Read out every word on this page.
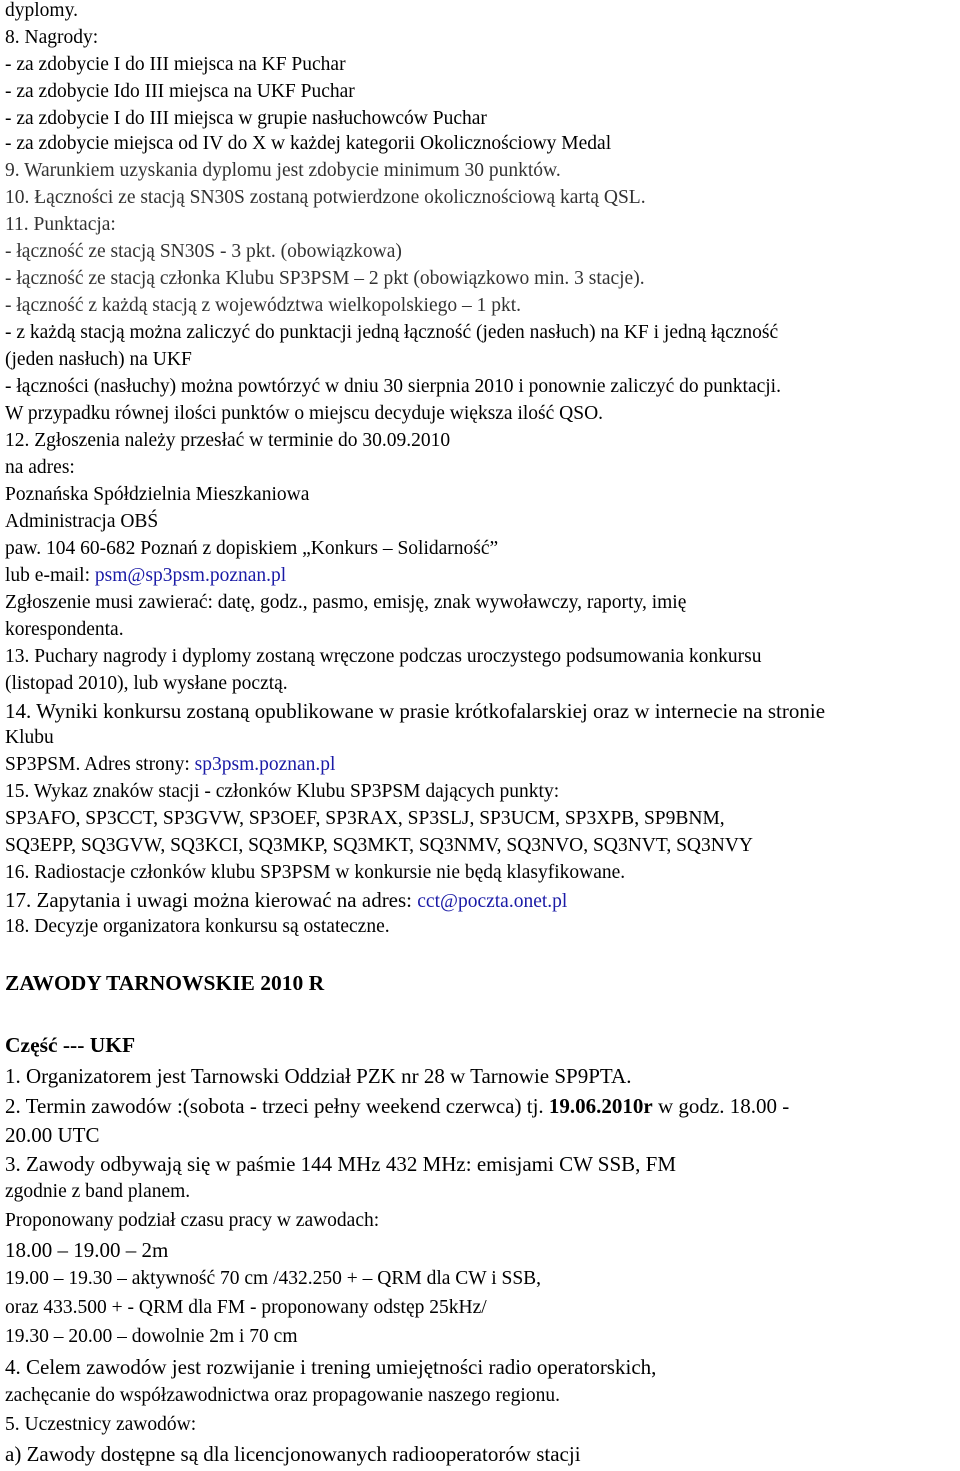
dyplomy.
8. Nagrody:
- za zdobycie I do III miejsca na KF Puchar
- za zdobycie Ido III miejsca na UKF Puchar
- za zdobycie I do III miejsca w grupie nasłuchowców Puchar
- za zdobycie miejsca od IV do X w każdej kategorii Okolicznościowy Medal
9. Warunkiem uzyskania dyplomu jest zdobycie minimum 30 punktów.
10. Łączności ze stacją SN30S zostaną potwierdzone okolicznościową kartą QSL.
11. Punktacja:
- łączność ze stacją SN30S - 3 pkt. (obowiązkowa)
- łączność ze stacją członka Klubu SP3PSM – 2 pkt (obowiązkowo min. 3 stacje).
- łączność z każdą stacją z województwa wielkopolskiego – 1 pkt.
- z każdą stacją można zaliczyć do punktacji jedną łączność (jeden nasłuch) na KF i jedną łączność
(jeden nasłuch) na UKF
- łączności (nasłuchy) można powtórzyć w dniu 30 sierpnia 2010 i ponownie zaliczyć do punktacji.
W przypadku równej ilości punktów o miejscu decyduje większa ilość QSO.
12. Zgłoszenia należy przesłać w terminie do 30.09.2010
na adres:
Poznańska Spółdzielnia Mieszkaniowa
Administracja OBŚ
paw. 104 60-682 Poznań z dopiskiem „Konkurs – Solidarność”
lub e-mail: psm@sp3psm.poznan.pl
Zgłoszenie musi zawierać: datę, godz., pasmo, emisję, znak wywoławczy, raporty, imię
korespondenta.
13. Puchary nagrody i dyplomy zostaną wręczone podczas uroczystego podsumowania konkursu
(listopad 2010), lub wysłane pocztą.
14. Wyniki konkursu zostaną opublikowane w prasie krótkofalarskiej oraz w internecie na stronie
Klubu
SP3PSM. Adres strony: sp3psm.poznan.pl
15. Wykaz znaków stacji - członków Klubu SP3PSM dających punkty:
SP3AFO, SP3CCT, SP3GVW, SP3OEF, SP3RAX, SP3SLJ, SP3UCM, SP3XPB, SP9BNM,
SQ3EPP, SQ3GVW, SQ3KCI, SQ3MKP, SQ3MKT, SQ3NMV, SQ3NVO, SQ3NVT, SQ3NVY
16. Radiostacje członków klubu SP3PSM w konkursie nie będą klasyfikowane.
17. Zapytania i uwagi można kierować na adres: cct@poczta.onet.pl
18. Decyzje organizatora konkursu są ostateczne.
ZAWODY TARNOWSKIE 2010 R
Część --- UKF
1. Organizatorem jest Tarnowski Oddział PZK nr 28 w Tarnowie SP9PTA.
2. Termin zawodów :(sobota - trzeci pełny weekend czerwca) tj. 19.06.2010r w godz. 18.00 -
20.00 UTC
3. Zawody odbywają się w paśmie 144 MHz 432 MHz: emisjami CW SSB, FM
zgodnie z band planem.
Proponowany podział czasu pracy w zawodach:
18.00 – 19.00 – 2m
19.00 – 19.30 – aktywność 70 cm /432.250 + – QRM dla CW i SSB,
oraz 433.500 + - QRM dla FM - proponowany odstęp 25kHz/
19.30 – 20.00 – dowolnie 2m i 70 cm
4. Celem zawodów jest rozwijanie i trening umiejętności radio operatorskich,
zachęcanie do współzawodnictwa oraz propagowanie naszego regionu.
5. Uczestnicy zawodów:
a) Zawody dostępne są dla licencjonowanych radiooperatorów stacji
